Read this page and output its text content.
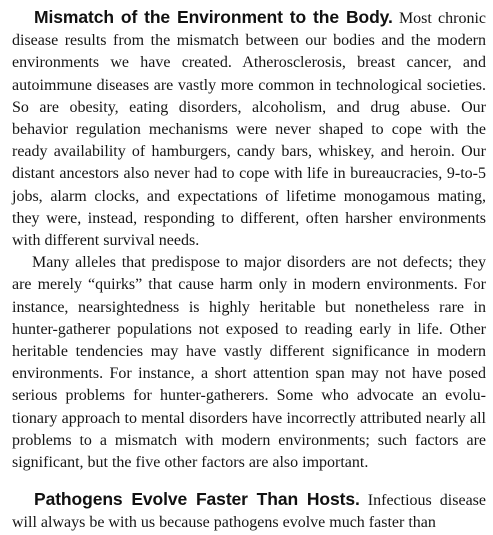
Mismatch of the Environment to the Body. Most chronic disease results from the mismatch between our bodies and the modern environments we have created. Atherosclerosis, breast cancer, and autoimmune diseases are vastly more common in technological societies. So are obesity, eating disorders, alcoholism, and drug abuse. Our behavior regulation mechanisms were never shaped to cope with the ready availability of hamburgers, candy bars, whiskey, and heroin. Our distant ancestors also never had to cope with life in bureaucracies, 9-to-5 jobs, alarm clocks, and expectations of lifetime monogamous mating, they were, instead, responding to different, often harsher environments with different survival needs.

Many alleles that predispose to major disorders are not defects; they are merely “quirks” that cause harm only in modern environments. For instance, nearsightedness is highly heritable but nonetheless rare in hunter-gatherer populations not exposed to reading early in life. Other heritable tendencies may have vastly different significance in modern environments. For instance, a short attention span may not have posed serious problems for hunter-gatherers. Some who advocate an evolutionary approach to mental disorders have incorrectly attributed nearly all problems to a mismatch with modern environments; such factors are significant, but the five other factors are also important.

Pathogens Evolve Faster Than Hosts. Infectious disease will always be with us because pathogens evolve much faster than
